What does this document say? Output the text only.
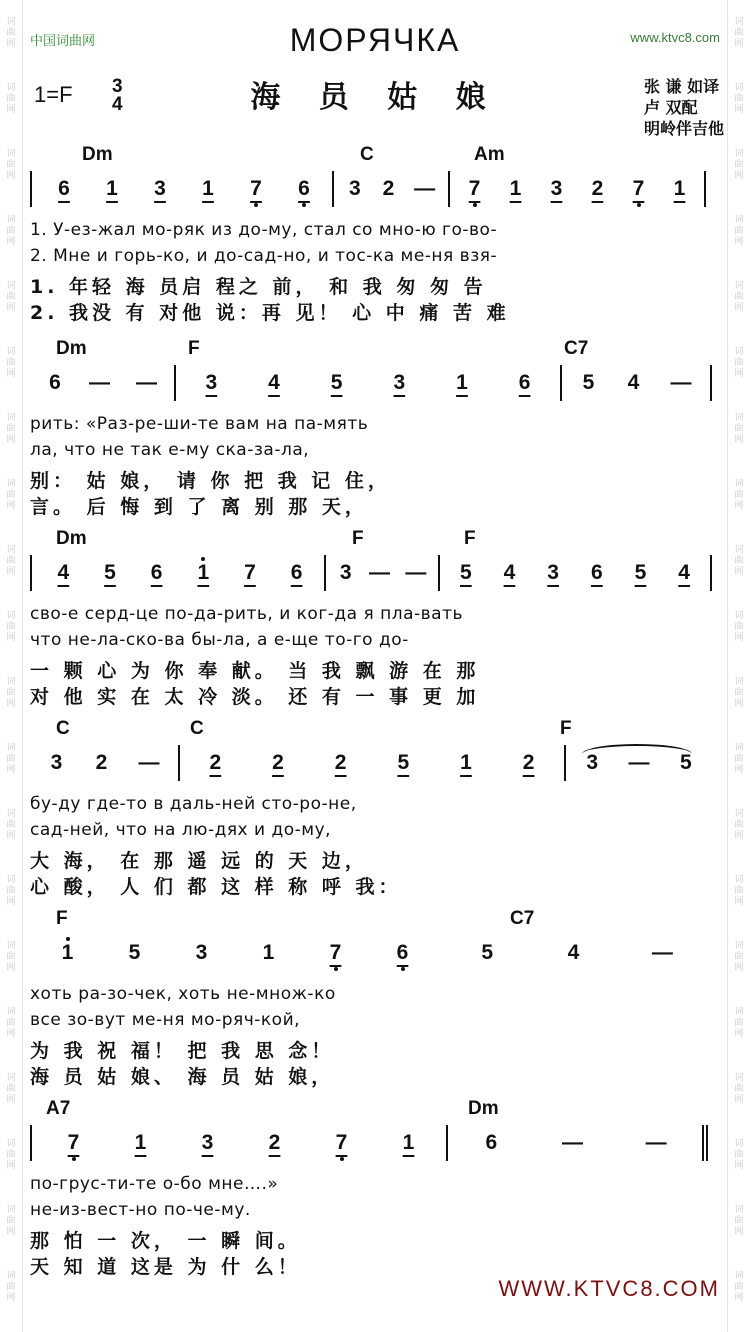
词
曲
网
词
曲
网
词
曲
网
词
曲
网
词
曲
网
词
曲
网
词
曲
网
词
曲
网
词
曲
网
词
曲
网
词
曲
网
词
曲
网
词
曲
网
词
曲
网
词
曲
网
词
曲
网
词
曲
网
词
曲
网
词
曲
网
词
曲
网
词
曲
网
词
曲
网
词
曲
网
词
曲
网
词
曲
网
词
曲
网
词
曲
网
词
曲
网
词
曲
网
词
曲
网
词
曲
网
词
曲
网
词
曲
网
词
曲
网
词
曲
网
词
曲
网
词
曲
网
词
曲
网
词
曲
网
词
曲
网
中国词曲网	www.ktvc8.com
МОРЯЧКА
海 员 姑 娘
1=F 3
4
张 谦 如译
卢 双配
明岭伴吉他
Dm	C	Am
6 1 3 1 7 6 3 2 — 7 1 3 2 7 1
1. У-ез-жал мо-ряк из до-му, стал со мно-ю го-во-
2. Мне и горь-ко, и до-сад-но, и тос-ка ме-ня взя-
1. 年轻 海 员启 程之 前， 和 我 匆 匆 告
2. 我没 有 对他 说：再 见！ 心 中 痛 苦 难
Dm	F	C7
6 — — 3 4 5 3 1 6 5 4 —
рить: «Раз-ре-ши-те вам на па-мять
ла, что не так е-му ска-за-ла,
别： 姑 娘， 请 你 把 我 记 住，
言。 后 悔 到 了 离 别 那 天，
Dm	F	F
4 5 6 1 7 6 3 — — 5 4 3 6 5 4
сво-е серд-це по-да-рить, и ког-да я пла-вать
что не-ла-ско-ва бы-ла, а е-ще то-го до-
一 颗 心 为 你 奉 献。 当 我 飘 游 在 那
对 他 实 在 太 冷 淡。 还 有 一 事 更 加
C	C	F
3 2 — 2 2 2 5 1 2 3 — 5
бу-ду где-то в даль-ней сто-ро-не,
сад-ней, что на лю-дях и до-му,
大 海， 在 那 遥 远 的 天 边，
心 酸， 人 们 都 这 样 称 呼 我：
F	C7
1	5	3	1	7	6	5	4	—
хоть ра-зо-чек, хоть не-множ-ко
все зо-вут ме-ня мо-ряч-кой,
为 我 祝 福！ 把 我 思 念！
海 员 姑 娘、 海 员 姑 娘，
A7	Dm
7	1	3	2	7	1	6	—	—
по-грус-ти-те о-бо мне….»
не-из-вест-но по-че-му.
那 怕 一 次， 一 瞬 间。
天 知 道 这是 为 什 么！
WWW.KTVC8.COM
